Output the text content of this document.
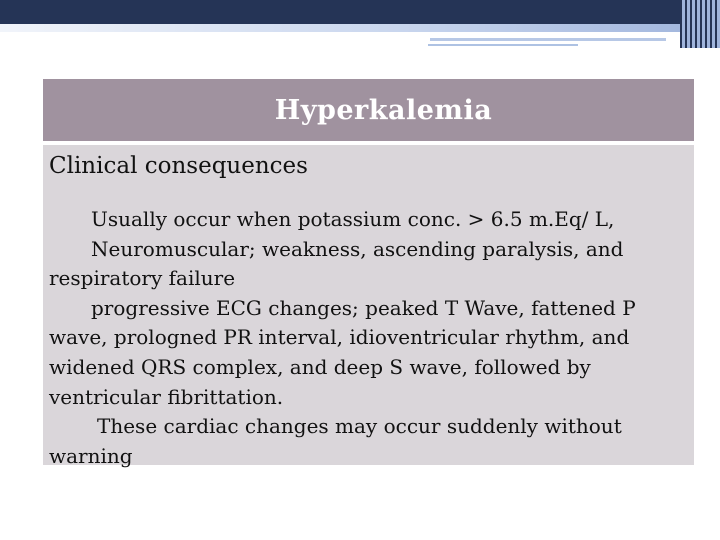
Hyperkalemia
Clinical consequences

Usually occur when potassium conc. > 6.5 m.Eq/ L,

Neuromuscular; weakness, ascending paralysis, and respiratory failure

progressive ECG changes; peaked T Wave, fattened P wave, prologned PR interval, idioventricular rhythm, and widened QRS complex, and deep S wave, followed by ventricular fibrittation.

These cardiac changes may occur suddenly without warning
